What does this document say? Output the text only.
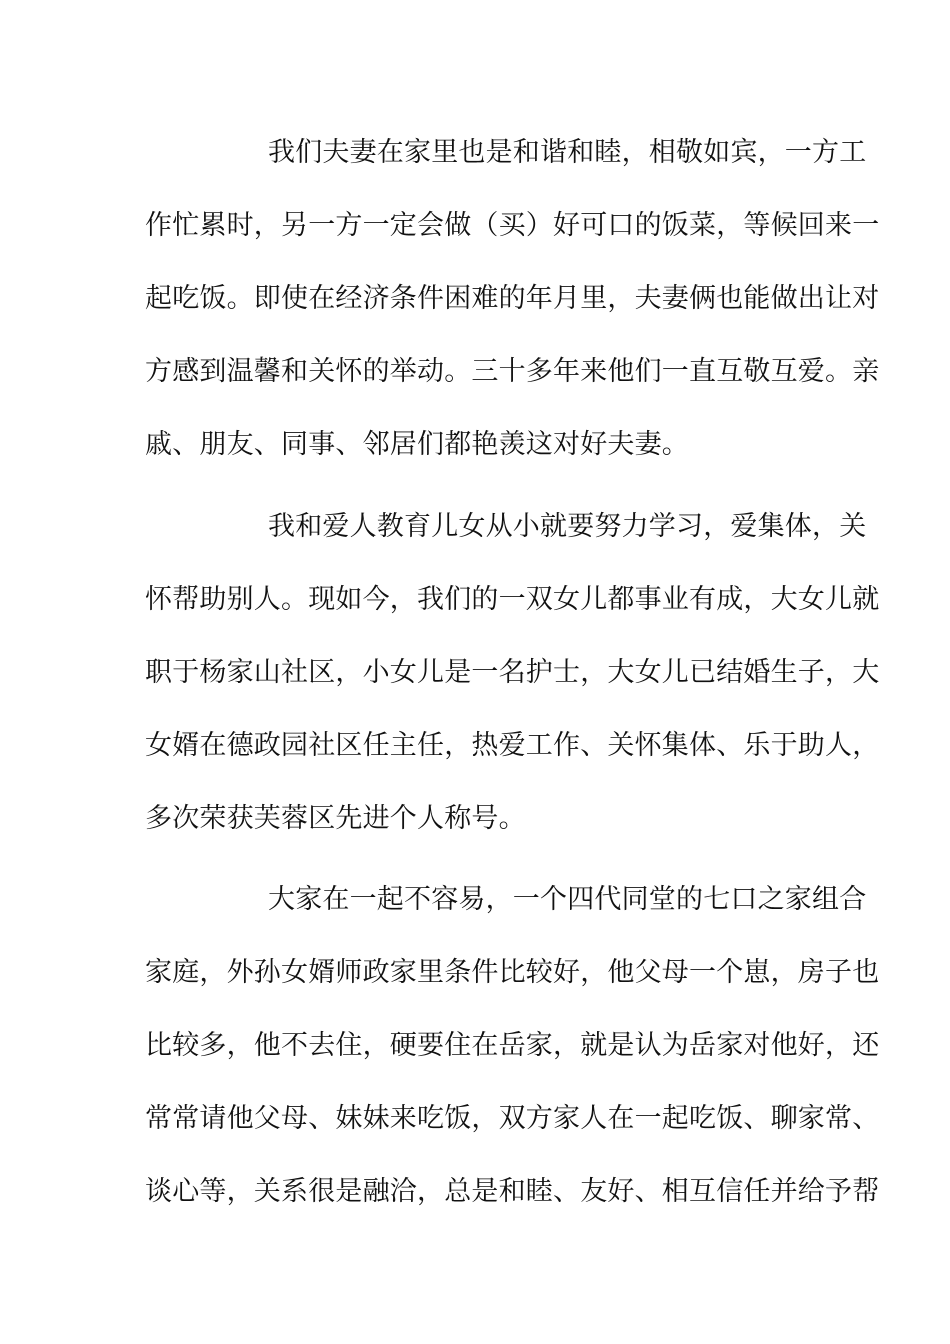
我们夫妻在家里也是和谐和睦，相敬如宾，一方工
作忙累时，另一方一定会做（买）好可口的饭菜，等候回来一
起吃饭。即使在经济条件困难的年月里，夫妻俩也能做出让对
方感到温馨和关怀的举动。三十多年来他们一直互敬互爱。亲
戚、朋友、同事、邻居们都艳羡这对好夫妻。
我和爱人教育儿女从小就要努力学习，爱集体，关
怀帮助别人。现如今，我们的一双女儿都事业有成，大女儿就
职于杨家山社区，小女儿是一名护士，大女儿已结婚生子，大
女婿在德政园社区任主任，热爱工作、关怀集体、乐于助人，
多次荣获芙蓉区先进个人称号。
大家在一起不容易，一个四代同堂的七口之家组合
家庭，外孙女婿师政家里条件比较好，他父母一个崽，房子也
比较多，他不去住，硬要住在岳家，就是认为岳家对他好，还
常常请他父母、妹妹来吃饭，双方家人在一起吃饭、聊家常、
谈心等，关系很是融洽，总是和睦、友好、相互信任并给予帮
